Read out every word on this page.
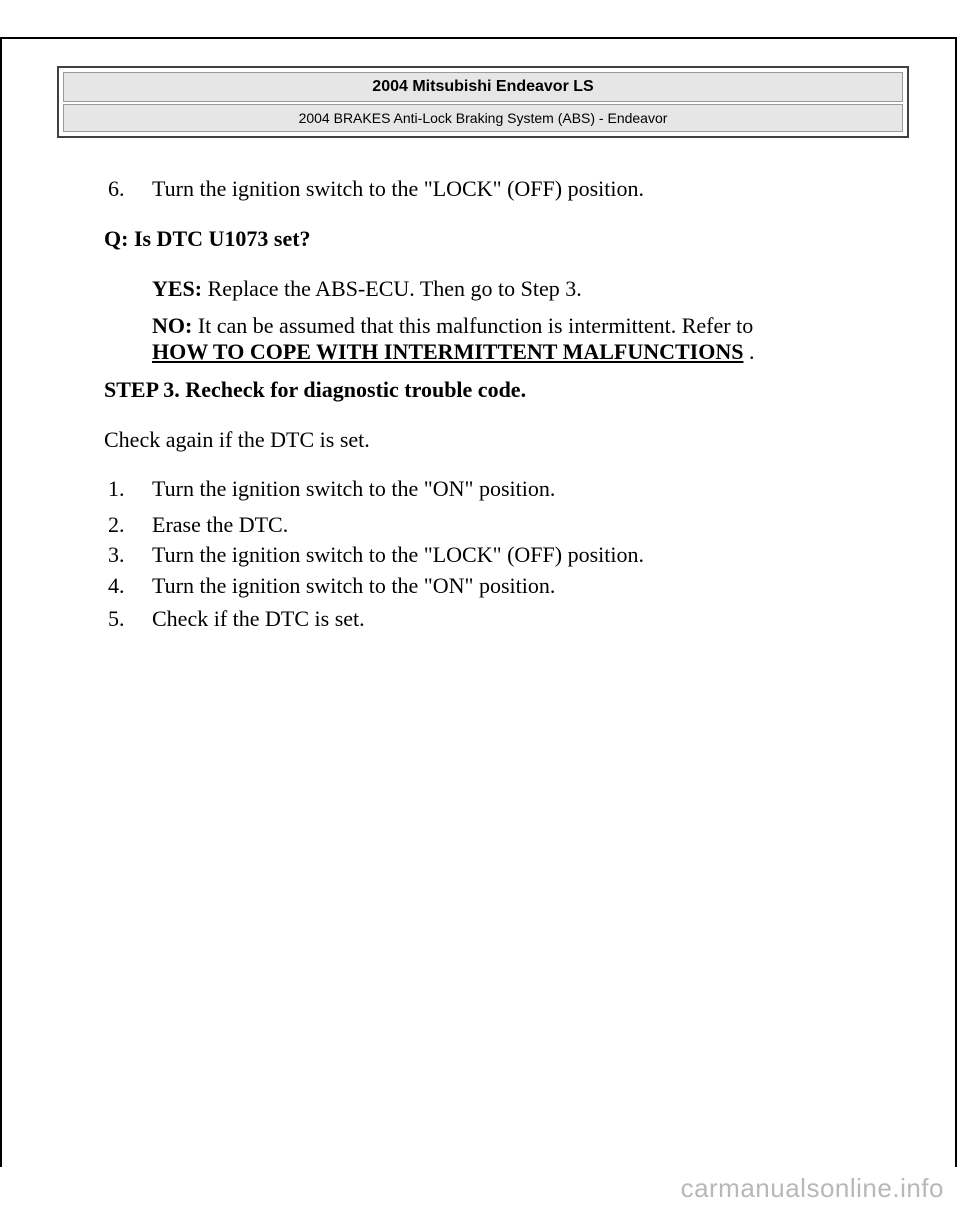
2004 Mitsubishi Endeavor LS
2004 BRAKES Anti-Lock Braking System (ABS) - Endeavor
6. Turn the ignition switch to the "LOCK" (OFF) position.
Q: Is DTC U1073 set?
YES: Replace the ABS-ECU. Then go to Step 3.
NO: It can be assumed that this malfunction is intermittent. Refer to
HOW TO COPE WITH INTERMITTENT MALFUNCTIONS .
STEP 3. Recheck for diagnostic trouble code.
Check again if the DTC is set.
1. Turn the ignition switch to the "ON" position.
2. Erase the DTC.
3. Turn the ignition switch to the "LOCK" (OFF) position.
4. Turn the ignition switch to the "ON" position.
5. Check if the DTC is set.
carmanualsonline.info
